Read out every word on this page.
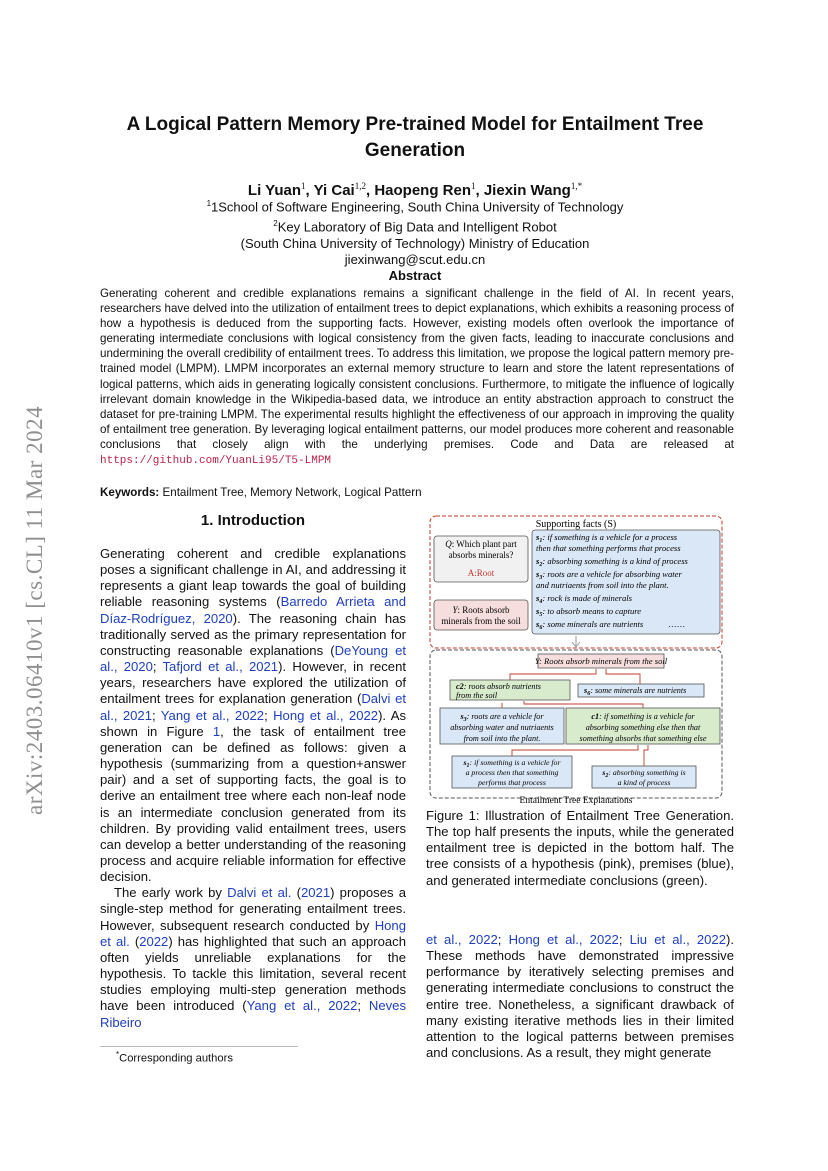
arXiv:2403.06410v1 [cs.CL] 11 Mar 2024
A Logical Pattern Memory Pre-trained Model for Entailment Tree Generation
Li Yuan$^1$, Yi Cai$^{1,2}$, Haopeng Ren$^1$, Jiexin Wang$^{1,*}$
$^1$1School of Software Engineering, South China University of Technology
$^2$Key Laboratory of Big Data and Intelligent Robot
(South China University of Technology) Ministry of Education
jiexinwang@scut.edu.cn
Abstract
Generating coherent and credible explanations remains a significant challenge in the field of AI. In recent years, researchers have delved into the utilization of entailment trees to depict explanations, which exhibits a reasoning process of how a hypothesis is deduced from the supporting facts. However, existing models often overlook the importance of generating intermediate conclusions with logical consistency from the given facts, leading to inaccurate conclusions and undermining the overall credibility of entailment trees. To address this limitation, we propose the logical pattern memory pre-trained model (LMPM). LMPM incorporates an external memory structure to learn and store the latent representations of logical patterns, which aids in generating logically consistent conclusions. Furthermore, to mitigate the influence of logically irrelevant domain knowledge in the Wikipedia-based data, we introduce an entity abstraction approach to construct the dataset for pre-training LMPM. The experimental results highlight the effectiveness of our approach in improving the quality of entailment tree generation. By leveraging logical entailment patterns, our model produces more coherent and reasonable conclusions that closely align with the underlying premises. Code and Data are released at https://github.com/YuanLi95/T5-LMPM
Keywords: Entailment Tree, Memory Network, Logical Pattern
1. Introduction

Generating coherent and credible explanations poses a significant challenge in AI, and addressing it represents a giant leap towards the goal of building reliable reasoning systems (Barredo Arrieta and Díaz-Rodríguez, 2020). The reasoning chain has traditionally served as the primary representation for constructing reasonable explanations (DeYoung et al., 2020; Tafjord et al., 2021). However, in recent years, researchers have explored the utilization of entailment trees for explanation generation (Dalvi et al., 2021; Yang et al., 2022; Hong et al., 2022). As shown in Figure 1, the task of entailment tree generation can be defined as follows: given a hypothesis (summarizing from a question+answer pair) and a set of supporting facts, the goal is to derive an entailment tree where each non-leaf node is an intermediate conclusion generated from its children. By providing valid entailment trees, users can develop a better understanding of the reasoning process and acquire reliable information for effective decision.

The early work by Dalvi et al. (2021) proposes a single-step method for generating entailment trees. However, subsequent research conducted by Hong et al. (2022) has highlighted that such an approach often yields unreliable explanations for the hypothesis. To tackle this limitation, several recent studies employing multi-step generation methods have been introduced (Yang et al., 2022; Neves Ribeiro

*Corresponding authors
Supporting facts (S)
Q: Which plant part
absorbs minerals?
A:Root
Y: Roots absorb
minerals from the soil
$s_1$: if something is a vehicle for a process
then that something performs that process
$s_2$: absorbing something is a kind of process
$s_3$: roots are a vehicle for absorbing water
and nutriaents from soil into the plant.
$s_4$: rock is made of minerals
$s_5$: to absorb means to capture
$s_6$: some minerals are nutrients	……
Y: Roots absorb minerals from the soil
c2: roots absorb nutrients
from the soil
$s_6$: some minerals are nutrients
$s_3$: roots are a vehicle for
absorbing water and nutriaents
from soil into the plant.
c1: if something is a vehicle for
absorbing something else then that
something absorbs that something else
$s_1$: if something is a vehicle for
a process then that something
performs that process
$s_2$: absorbing something is
a kind of process
Entailment Tree Explanations
Figure 1: Illustration of Entailment Tree Generation. The top half presents the inputs, while the generated entailment tree is depicted in the bottom half. The tree consists of a hypothesis (pink), premises (blue), and generated intermediate conclusions (green).

et al., 2022; Hong et al., 2022; Liu et al., 2022). These methods have demonstrated impressive performance by iteratively selecting premises and generating intermediate conclusions to construct the entire tree. Nonetheless, a significant drawback of many existing iterative methods lies in their limited attention to the logical patterns between premises and conclusions. As a result, they might generate
